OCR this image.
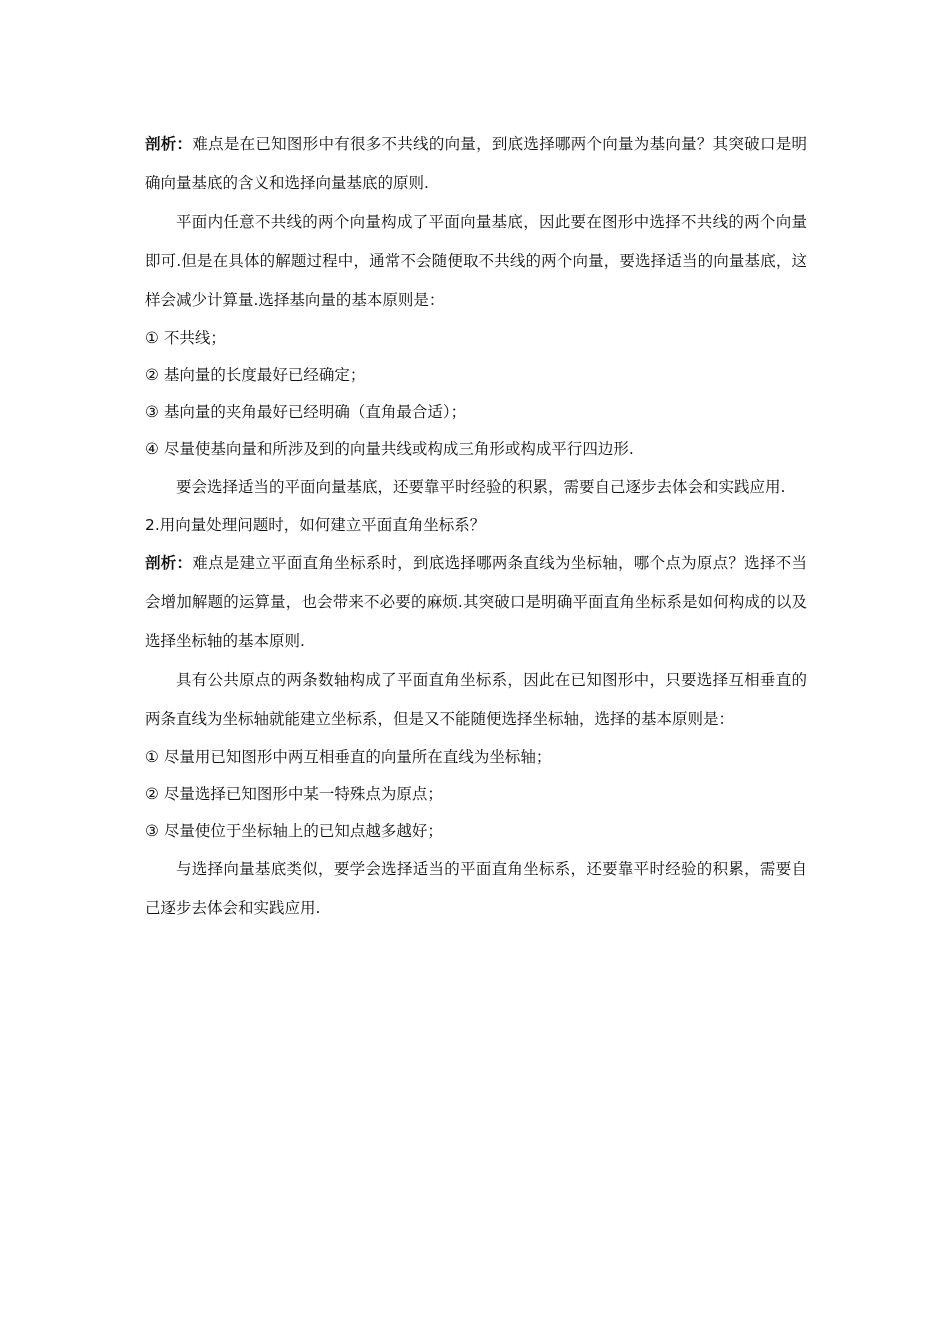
剖析：难点是在已知图形中有很多不共线的向量，到底选择哪两个向量为基向量？其突破口是明确向量基底的含义和选择向量基底的原则.

平面内任意不共线的两个向量构成了平面向量基底，因此要在图形中选择不共线的两个向量即可.但是在具体的解题过程中，通常不会随便取不共线的两个向量，要选择适当的向量基底，这样会减少计算量.选择基向量的基本原则是：

① 不共线；

② 基向量的长度最好已经确定；

③ 基向量的夹角最好已经明确（直角最合适）；

④ 尽量使基向量和所涉及到的向量共线或构成三角形或构成平行四边形.

要会选择适当的平面向量基底，还要靠平时经验的积累，需要自己逐步去体会和实践应用.

2.用向量处理问题时，如何建立平面直角坐标系？

剖析：难点是建立平面直角坐标系时，到底选择哪两条直线为坐标轴，哪个点为原点？选择不当会增加解题的运算量，也会带来不必要的麻烦.其突破口是明确平面直角坐标系是如何构成的以及选择坐标轴的基本原则.

具有公共原点的两条数轴构成了平面直角坐标系，因此在已知图形中，只要选择互相垂直的两条直线为坐标轴就能建立坐标系，但是又不能随便选择坐标轴，选择的基本原则是：

① 尽量用已知图形中两互相垂直的向量所在直线为坐标轴；

② 尽量选择已知图形中某一特殊点为原点；

③ 尽量使位于坐标轴上的已知点越多越好；

与选择向量基底类似，要学会选择适当的平面直角坐标系，还要靠平时经验的积累，需要自己逐步去体会和实践应用.
